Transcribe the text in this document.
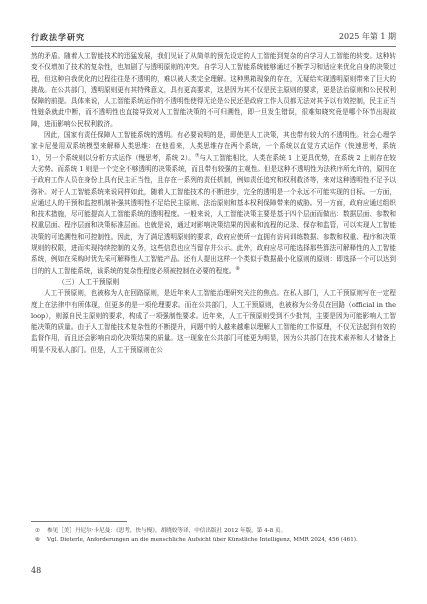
行政法学研究	2025 年第 1 期

然的矛盾。随着人工智能技术的迅猛发展，我们见证了从简单的预先设定的人工智能到复杂的自学习人工智能的转变。这种转变不仅增加了技术的复杂性，也加剧了与透明原则的冲突。自学习人工智能系统能够通过不断学习和适应来优化自身的决策过程，但这种自我优化的过程往往是不透明的，难以被人类完全理解。这种黑箱现象的存在，无疑给实现透明原则带来了巨大的挑战。在公共部门，透明原则更有其特殊意义，具有更高要求，这是因为其不仅是民主原则的要求，更是法治原则和公民权利保障的前提。具体来说，人工智能系统运作的不透明性使得无论是公民还是政府工作人员都无法对其予以有效控制，民主正当性链条就此中断，而不透明性也直接导致对人工智能决策的不可归溯性，即一旦发生错误，很难知晓究竟是哪个环节出现故障，进而影响公民权利救济。

因此，国家有责任保障人工智能系统的透明。有必要说明的是，即使是人工决策，其也带有较大的不透明性。社会心理学家卡尼曼用双系统模型来解释人类思维：在他看来，人类思维存在两个系统，一个系统以直觉方式运作（快速思考，系统 1），另一个系统则以分析方式运作（慢思考，系统 2）。⑦与人工智能相比，人类在系统 1 上更具优势，在系统 2 上则存在较大劣势。而系统 1 则是一个完全不够透明的决策系统，而且带有较强的主观性。但是这种不透明性为法秩序所允许的，原因在于政府工作人员在身份上具有民主正当性，且存在一系列的责任机制，例如责任追究和权利救济等，来对这种透明性不足予以弥补。对于人工智能系统来说同样如此，随着人工智能技术的不断进步，完全的透明是一个永远不可能实现的目标。一方面，应通过人的干预和监控机制补强其透明性不足给民主原则、法治原则和基本权利保障带来的威胁。另一方面，政府应通过组织和技术措施，尽可能提高人工智能系统的透明程度。一般来说，人工智能决策主要是基于四个层面而做出：数据层面、参数和权重层面、程序层面和决策标准层面。也就是说，通过对影响决策结果的因素和流程的记录、保存和监管，可以实现人工智能决策的可追溯性和可控制性。因此，为了满足透明原则的要求，政府应使所一直拥有访问训练数据、参数和权重、程序和决策规则的权限，进而实现持续控制的义务，这些信息也应当留存并公示。此外，政府应尽可能选择那些算法可解释性的人工智能系统，例如在采购时优先采可解释性人工智能产品。还有人提出这样一个类似于数据最小化原则的原则：即选择一个可以达到目的的人工智能系统，该系统的复杂性程度必须被控制在必要的程度。⑧

（三）人工干预原则

人工干预原则，也被称为人在回路原则，是近年来人工智能治理研究关注的焦点。在私人部门，人工干预原则写在一定程度上在法律中有所体现，但更多的是一项伦理要求。而在公共部门，人工干预原则，也被称为公务员在回路（official in the loop），则源自民主原则的要求，构成了一项强制性要求。近年来，人工干预原则受到不少批判，主要是因为可能影响人工智能决策的质量。由于人工智能技术复杂性的不断提升，问题中的人越来越难以理解人工智能的工作原理，不仅无法起到有效的监督作用，而且还会影响自动化决策结果的质量。这一现象在公共部门可能更为明显，因为公共部门在技术素养和人才储备上明显不及私人部门。但是，人工干预原则在公

⑦ 参见［美］丹尼尔·卡尼曼：《思考，快与慢》，胡晓姣等译，中信出版社 2012 年版，第 4-8 页。
⑧ Vgl. Dieterle, Anforderungen an die menschliche Aufsicht über Künstliche Intelligenz, MMR 2024, 456 (461).
48
